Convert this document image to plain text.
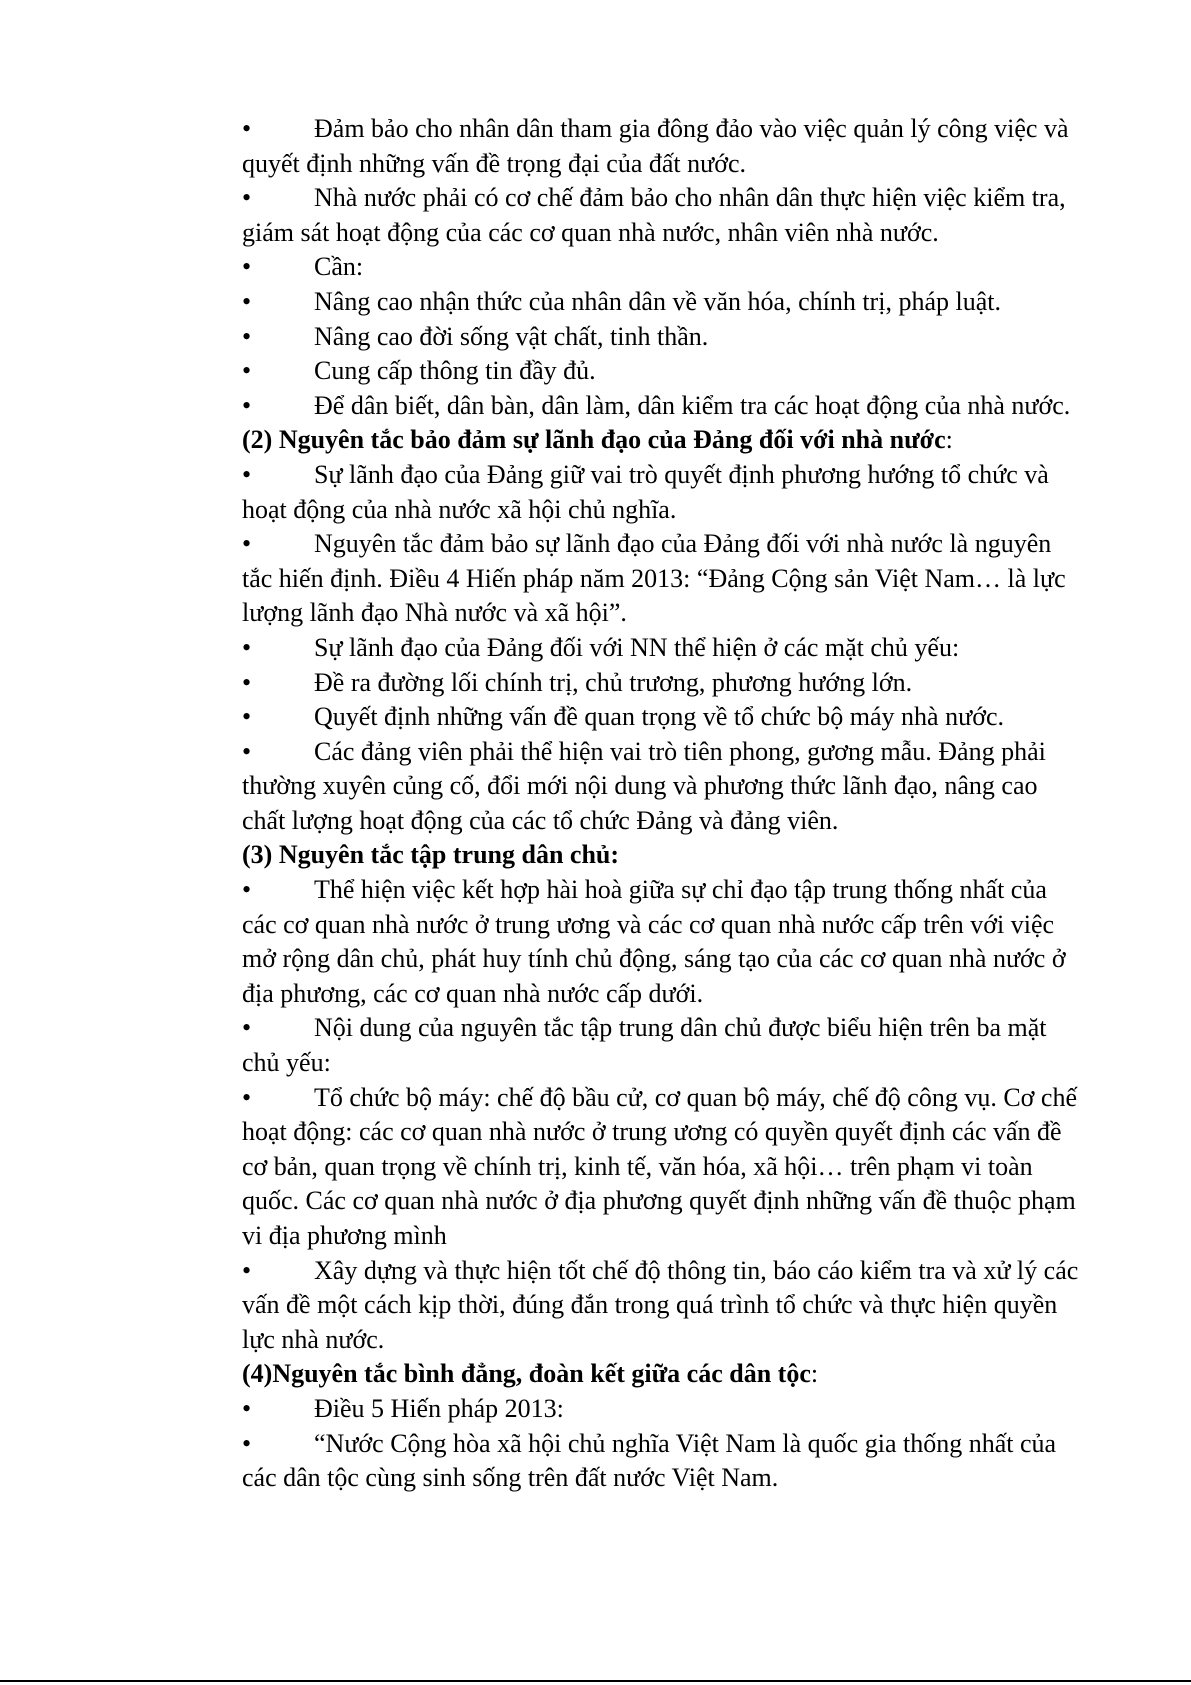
• Đảm bảo cho nhân dân tham gia đông đảo vào việc quản lý công việc và quyết định những vấn đề trọng đại của đất nước.

• Nhà nước phải có cơ chế đảm bảo cho nhân dân thực hiện việc kiểm tra, giám sát hoạt động của các cơ quan nhà nước, nhân viên nhà nước.

• Cần:

• Nâng cao nhận thức của nhân dân về văn hóa, chính trị, pháp luật.

• Nâng cao đời sống vật chất, tinh thần.

• Cung cấp thông tin đầy đủ.

• Để dân biết, dân bàn, dân làm, dân kiểm tra các hoạt động của nhà nước.

(2) Nguyên tắc bảo đảm sự lãnh đạo của Đảng đối với nhà nước:

• Sự lãnh đạo của Đảng giữ vai trò quyết định phương hướng tổ chức và hoạt động của nhà nước xã hội chủ nghĩa.

• Nguyên tắc đảm bảo sự lãnh đạo của Đảng đối với nhà nước là nguyên tắc hiến định. Điều 4 Hiến pháp năm 2013: “Đảng Cộng sản Việt Nam… là lực lượng lãnh đạo Nhà nước và xã hội”.

• Sự lãnh đạo của Đảng đối với NN thể hiện ở các mặt chủ yếu:

• Đề ra đường lối chính trị, chủ trương, phương hướng lớn.

• Quyết định những vấn đề quan trọng về tổ chức bộ máy nhà nước.

• Các đảng viên phải thể hiện vai trò tiên phong, gương mẫu. Đảng phải thường xuyên củng cố, đổi mới nội dung và phương thức lãnh đạo, nâng cao chất lượng hoạt động của các tổ chức Đảng và đảng viên.

(3) Nguyên tắc tập trung dân chủ:

• Thể hiện việc kết hợp hài hoà giữa sự chỉ đạo tập trung thống nhất của các cơ quan nhà nước ở trung ương và các cơ quan nhà nước cấp trên với việc mở rộng dân chủ, phát huy tính chủ động, sáng tạo của các cơ quan nhà nước ở địa phương, các cơ quan nhà nước cấp dưới.

• Nội dung của nguyên tắc tập trung dân chủ được biểu hiện trên ba mặt chủ yếu:

• Tổ chức bộ máy: chế độ bầu cử, cơ quan bộ máy, chế độ công vụ. Cơ chế hoạt động: các cơ quan nhà nước ở trung ương có quyền quyết định các vấn đề cơ bản, quan trọng về chính trị, kinh tế, văn hóa, xã hội… trên phạm vi toàn quốc. Các cơ quan nhà nước ở địa phương quyết định những vấn đề thuộc phạm vi địa phương mình

• Xây dựng và thực hiện tốt chế độ thông tin, báo cáo kiểm tra và xử lý các vấn đề một cách kịp thời, đúng đắn trong quá trình tổ chức và thực hiện quyền lực nhà nước.

(4)Nguyên tắc bình đẳng, đoàn kết giữa các dân tộc:

• Điều 5 Hiến pháp 2013:

• “Nước Cộng hòa xã hội chủ nghĩa Việt Nam là quốc gia thống nhất của các dân tộc cùng sinh sống trên đất nước Việt Nam.
